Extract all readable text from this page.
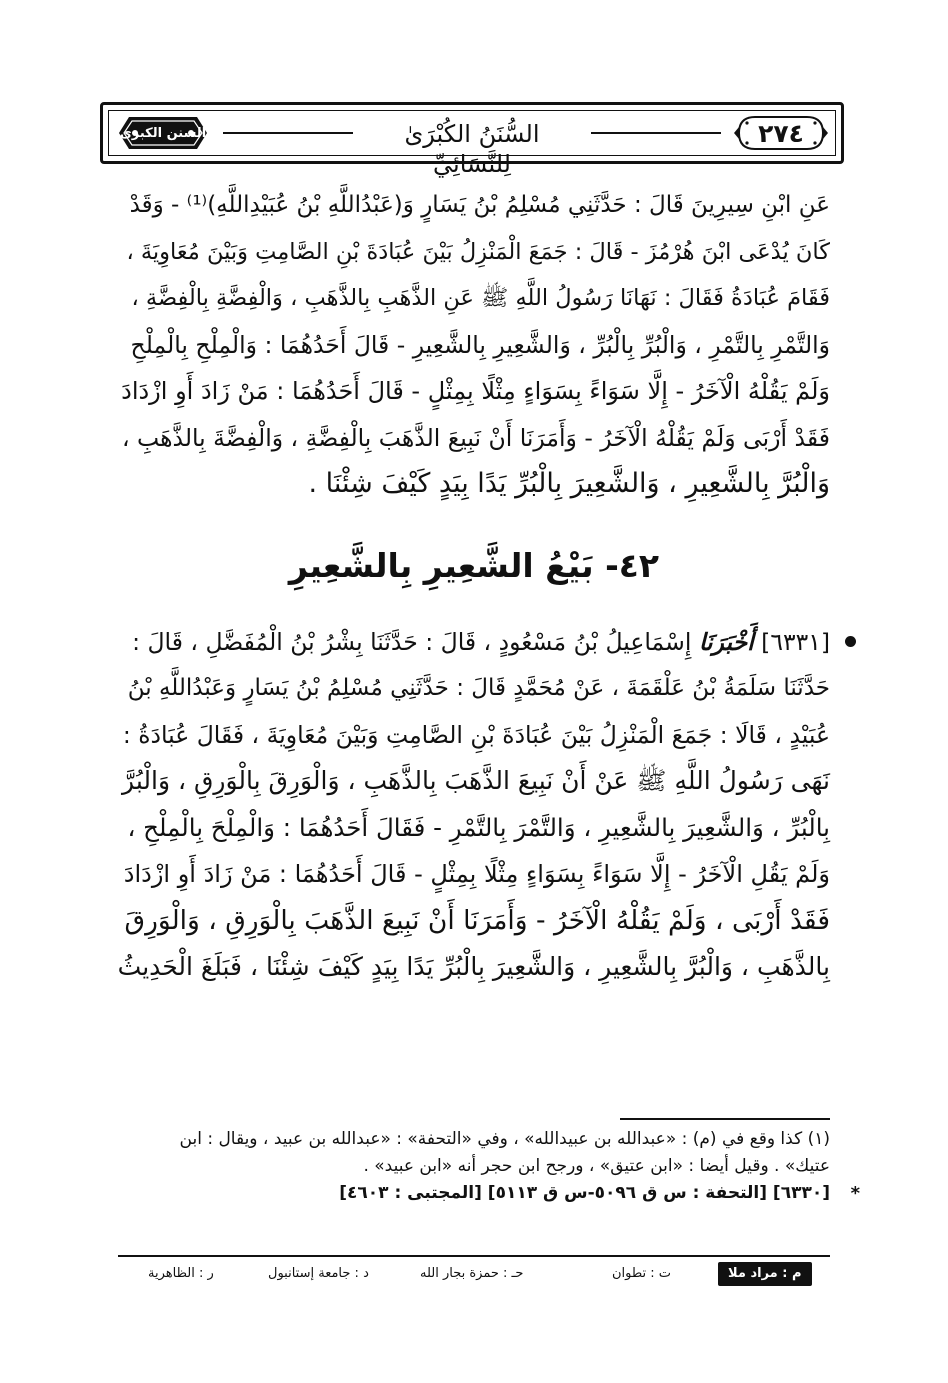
٢٧٤
السُّنَنُ الكُبْرَىٰ لِلنَّسَائِيِّ
السنن الكبرى

عَنِ ابْنِ سِيرِينَ قَالَ : حَدَّثَنِي مُسْلِمُ بْنُ يَسَارٍ وَ(عَبْدُاللَّهِ بْنُ عُبَيْدِاللَّهِ)⁽¹⁾ - وَقَدْ
كَانَ يُدْعَى ابْنَ هُرْمُزَ - قَالَ : جَمَعَ الْمَنْزِلُ بَيْنَ عُبَادَةَ بْنِ الصَّامِتِ وَبَيْنَ مُعَاوِيَةَ ،
فَقَامَ عُبَادَةُ فَقَالَ : نَهَانَا رَسُولُ اللَّهِ ﷺ عَنِ الذَّهَبِ بِالذَّهَبِ ، وَالْفِضَّةِ بِالْفِضَّةِ ،
وَالتَّمْرِ بِالتَّمْرِ ، وَالْبُرِّ بِالْبُرِّ ، وَالشَّعِيرِ بِالشَّعِيرِ - قَالَ أَحَدُهُمَا : وَالْمِلْحِ بِالْمِلْحِ
وَلَمْ يَقُلْهُ الْآخَرُ - إِلَّا سَوَاءً بِسَوَاءٍ مِثْلًا بِمِثْلٍ - قَالَ أَحَدُهُمَا : مَنْ زَادَ أَوِ ازْدَادَ
فَقَدْ أَرْبَى وَلَمْ يَقُلْهُ الْآخَرُ - وَأَمَرَنَا أَنْ نَبِيعَ الذَّهَبَ بِالْفِضَّةِ ، وَالْفِضَّةَ بِالذَّهَبِ ،
وَالْبُرَّ بِالشَّعِيرِ ، وَالشَّعِيرَ بِالْبُرِّ يَدًا بِيَدٍ كَيْفَ شِئْنَا .

٤٢- بَيْعُ الشَّعِيرِ بِالشَّعِيرِ

[٦٣٣١] أَخْبَرَنَا إِسْمَاعِيلُ بْنُ مَسْعُودٍ ، قَالَ : حَدَّثَنَا بِشْرُ بْنُ الْمُفَضَّلِ ، قَالَ :
حَدَّثَنَا سَلَمَةُ بْنُ عَلْقَمَةَ ، عَنْ مُحَمَّدٍ قَالَ : حَدَّثَنِي مُسْلِمُ بْنُ يَسَارٍ وَعَبْدُاللَّهِ بْنُ
عُبَيْدٍ ، قَالَا : جَمَعَ الْمَنْزِلُ بَيْنَ عُبَادَةَ بْنِ الصَّامِتِ وَبَيْنَ مُعَاوِيَةَ ، فَقَالَ عُبَادَةُ :
نَهَى رَسُولُ اللَّهِ ﷺ عَنْ أَنْ نَبِيعَ الذَّهَبَ بِالذَّهَبِ ، وَالْوَرِقَ بِالْوَرِقِ ، وَالْبُرَّ
بِالْبُرِّ ، وَالشَّعِيرَ بِالشَّعِيرِ ، وَالتَّمْرَ بِالتَّمْرِ - فَقَالَ أَحَدُهُمَا : وَالْمِلْحَ بِالْمِلْحِ ،
وَلَمْ يَقُلِ الْآخَرُ - إِلَّا سَوَاءً بِسَوَاءٍ مِثْلًا بِمِثْلٍ - قَالَ أَحَدُهُمَا : مَنْ زَادَ أَوِ ازْدَادَ
فَقَدْ أَرْبَى ، وَلَمْ يَقُلْهُ الْآخَرُ - وَأَمَرَنَا أَنْ نَبِيعَ الذَّهَبَ بِالْوَرِقِ ، وَالْوَرِقَ
بِالذَّهَبِ ، وَالْبُرَّ بِالشَّعِيرِ ، وَالشَّعِيرَ بِالْبُرِّ يَدًا بِيَدٍ كَيْفَ شِئْنَا ، فَبَلَغَ الْحَدِيثُ

(١) كذا وقع في (م) : «عبدالله بن عبيدالله» ، وفي «التحفة» : «عبدالله بن عبيد ، ويقال : ابن
عتيك» . وقيل أيضا : «ابن عتيق» ، ورجح ابن حجر أنه «ابن عبيد» .

*
[٦٣٣٠] [التحفة : س ق ٥٠٩٦-س ق ٥١١٣] [المجتبى : ٤٦٠٣]

م : مراد ملا
ت : تطوان
حـ : حمزة بجار الله
د : جامعة إستانبول
ر : الظاهرية
